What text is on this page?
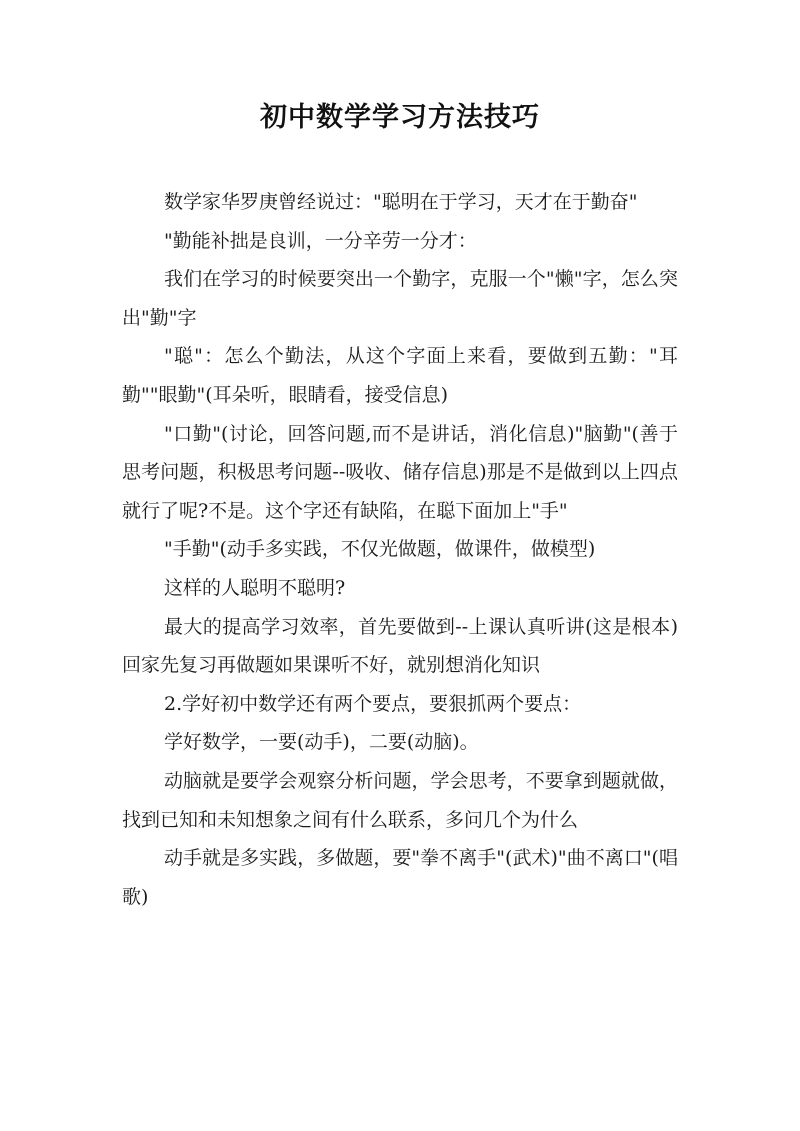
初中数学学习方法技巧

数学家华罗庚曾经说过："聪明在于学习，天才在于勤奋"

"勤能补拙是良训，一分辛劳一分才：

我们在学习的时候要突出一个勤字，克服一个"懒"字，怎么突出"勤"字

"聪"：怎么个勤法，从这个字面上来看，要做到五勤："耳勤""眼勤"(耳朵听，眼睛看，接受信息)

"口勤"(讨论，回答问题,而不是讲话，消化信息)"脑勤"(善于思考问题，积极思考问题--吸收、储存信息)那是不是做到以上四点就行了呢?不是。这个字还有缺陷，在聪下面加上"手"

"手勤"(动手多实践，不仅光做题，做课件，做模型)

这样的人聪明不聪明?

最大的提高学习效率，首先要做到--上课认真听讲(这是根本)回家先复习再做题如果课听不好，就别想消化知识

2.学好初中数学还有两个要点，要狠抓两个要点：

学好数学，一要(动手)，二要(动脑)。

动脑就是要学会观察分析问题，学会思考，不要拿到题就做，找到已知和未知想象之间有什么联系，多问几个为什么

动手就是多实践，多做题，要"拳不离手"(武术)"曲不离口"(唱歌)
